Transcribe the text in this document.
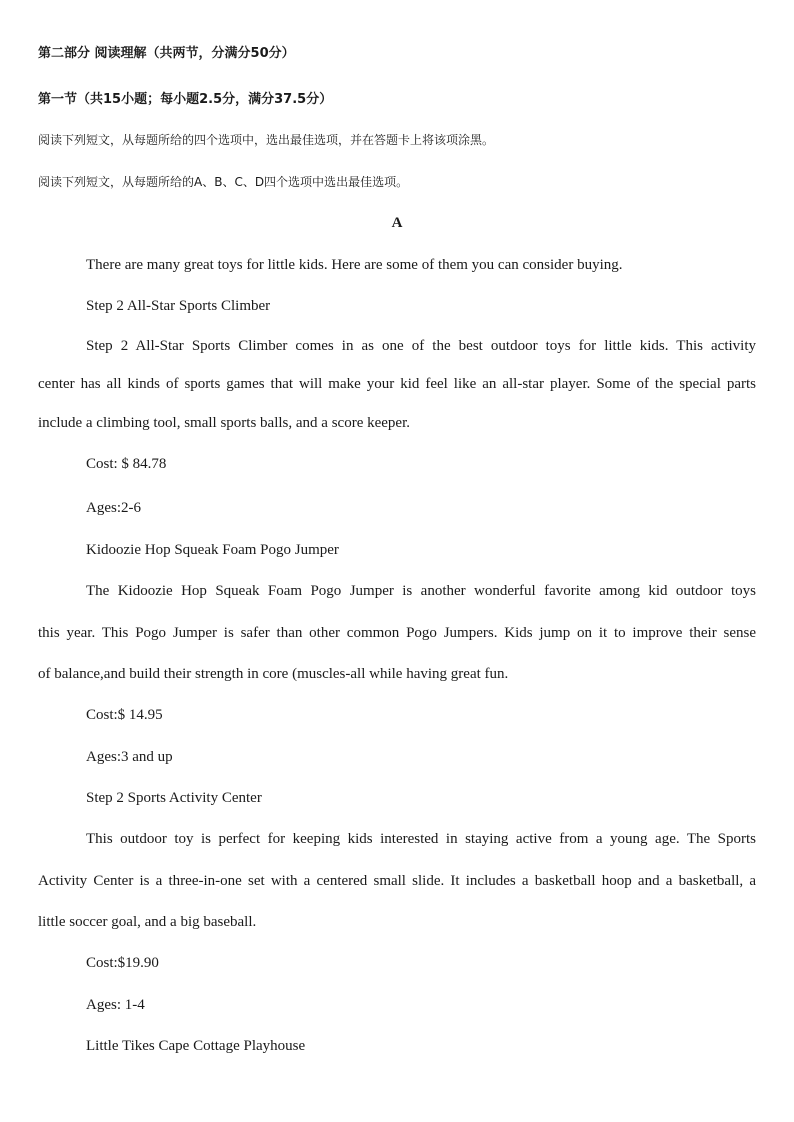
第二部分 阅读理解（共两节，分满分50分）

第一节（共15小题；每小题2.5分，满分37.5分）

阅读下列短文，从每题所给的四个选项中，选出最佳选项，并在答题卡上将该项涂黑。

阅读下列短文，从每题所给的A、B、C、D四个选项中选出最佳选项。

A

There are many great toys for little kids. Here are some of them you can consider buying.

Step 2 All-Star Sports Climber

Step 2 All-Star Sports Climber comes in as one of the best outdoor toys for little kids. This activity

center has all kinds of sports games that will make your kid feel like an all-star player. Some of the special parts

include a climbing tool, small sports balls, and a score keeper.

Cost: $ 84.78

Ages:2-6

Kidoozie Hop Squeak Foam Pogo Jumper

The Kidoozie Hop Squeak Foam Pogo Jumper is another wonderful favorite among kid outdoor toys

this year. This Pogo Jumper is safer than other common Pogo Jumpers. Kids jump on it to improve their sense

of balance,and build their strength in core (muscles-all while having great fun.

Cost:$ 14.95

Ages:3 and up

Step 2 Sports Activity Center

This outdoor toy is perfect for keeping kids interested in staying active from a young age. The Sports

Activity Center is a three-in-one set with a centered small slide. It includes a basketball hoop and a basketball, a

little soccer goal, and a big baseball.

Cost:$19.90

Ages: 1-4

Little Tikes Cape Cottage Playhouse
